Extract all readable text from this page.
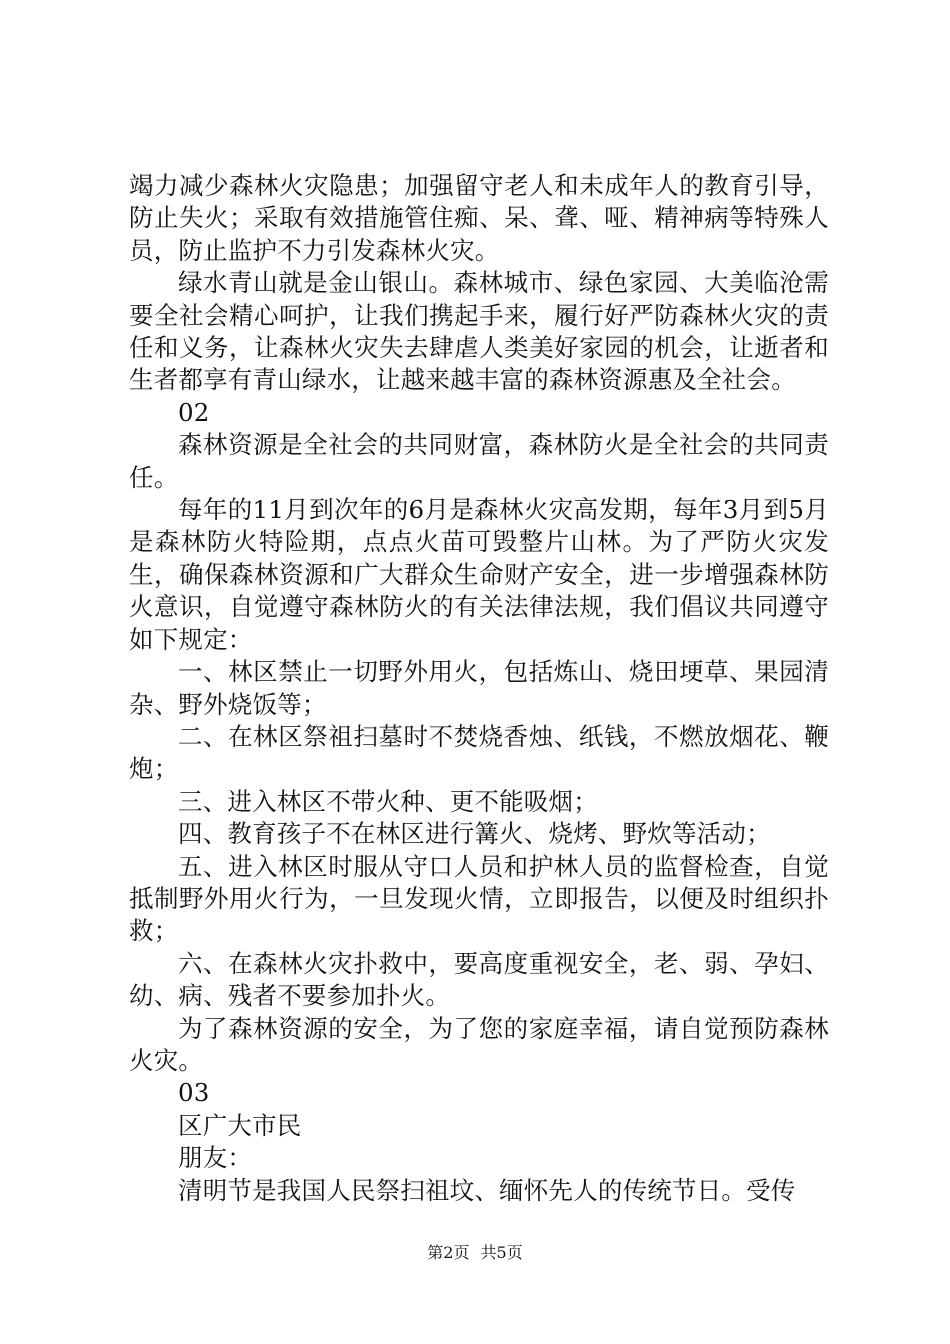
竭力减少森林火灾隐患；加强留守老人和未成年人的教育引导，防止失火；采取有效措施管住痴、呆、聋、哑、精神病等特殊人员，防止监护不力引发森林火灾。

绿水青山就是金山银山。森林城市、绿色家园、大美临沧需要全社会精心呵护，让我们携起手来，履行好严防森林火灾的责任和义务，让森林火灾失去肆虐人类美好家园的机会，让逝者和生者都享有青山绿水，让越来越丰富的森林资源惠及全社会。

02

森林资源是全社会的共同财富，森林防火是全社会的共同责任。

每年的11月到次年的6月是森林火灾高发期，每年3月到5月是森林防火特险期，点点火苗可毁整片山林。为了严防火灾发生，确保森林资源和广大群众生命财产安全，进一步增强森林防火意识，自觉遵守森林防火的有关法律法规，我们倡议共同遵守如下规定：

一、林区禁止一切野外用火，包括炼山、烧田埂草、果园清杂、野外烧饭等；

二、在林区祭祖扫墓时不焚烧香烛、纸钱，不燃放烟花、鞭炮；

三、进入林区不带火种、更不能吸烟；

四、教育孩子不在林区进行篝火、烧烤、野炊等活动；

五、进入林区时服从守口人员和护林人员的监督检查，自觉抵制野外用火行为，一旦发现火情，立即报告，以便及时组织扑救；

六、在森林火灾扑救中，要高度重视安全，老、弱、孕妇、幼、病、残者不要参加扑火。

为了森林资源的安全，为了您的家庭幸福，请自觉预防森林火灾。

03

区广大市民

朋友：

清明节是我国人民祭扫祖坟、缅怀先人的传统节日。受传

第2页 共5页
